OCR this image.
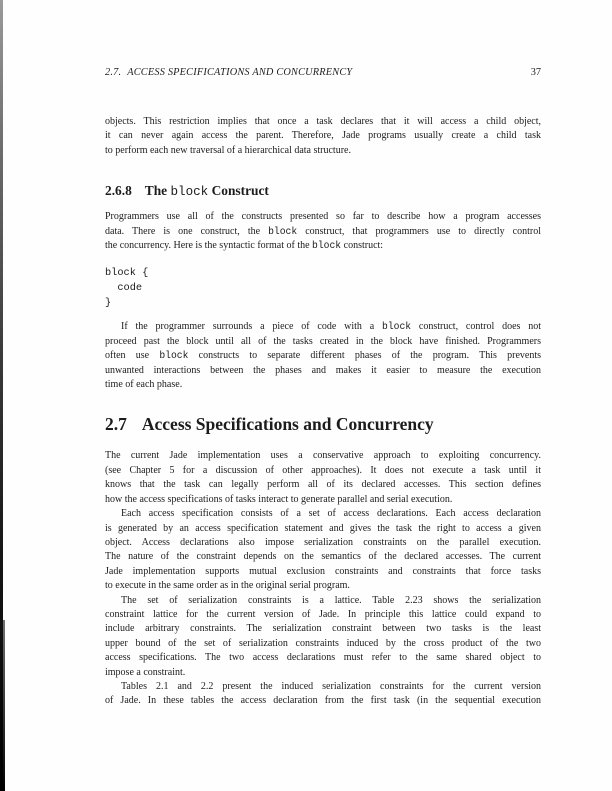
2.7. ACCESS SPECIFICATIONS AND CONCURRENCY	37
objects. This restriction implies that once a task declares that it will access a child object,
it can never again access the parent. Therefore, Jade programs usually create a child task
to perform each new traversal of a hierarchical data structure.
2.6.8 The block Construct
Programmers use all of the constructs presented so far to describe how a program accesses
data. There is one construct, the block construct, that programmers use to directly control
the concurrency. Here is the syntactic format of the block construct:
block {
code
}
If the programmer surrounds a piece of code with a block construct, control does not
proceed past the block until all of the tasks created in the block have finished. Programmers
often use block constructs to separate different phases of the program. This prevents
unwanted interactions between the phases and makes it easier to measure the execution
time of each phase.
2.7 Access Specifications and Concurrency
The current Jade implementation uses a conservative approach to exploiting concurrency.
(see Chapter 5 for a discussion of other approaches). It does not execute a task until it
knows that the task can legally perform all of its declared accesses. This section defines
how the access specifications of tasks interact to generate parallel and serial execution.
Each access specification consists of a set of access declarations. Each access declaration
is generated by an access specification statement and gives the task the right to access a given
object. Access declarations also impose serialization constraints on the parallel execution.
The nature of the constraint depends on the semantics of the declared accesses. The current
Jade implementation supports mutual exclusion constraints and constraints that force tasks
to execute in the same order as in the original serial program.
The set of serialization constraints is a lattice. Table 2.23 shows the serialization
constraint lattice for the current version of Jade. In principle this lattice could expand to
include arbitrary constraints. The serialization constraint between two tasks is the least
upper bound of the set of serialization constraints induced by the cross product of the two
access specifications. The two access declarations must refer to the same shared object to
impose a constraint.
Tables 2.1 and 2.2 present the induced serialization constraints for the current version
of Jade. In these tables the access declaration from the first task (in the sequential execution
